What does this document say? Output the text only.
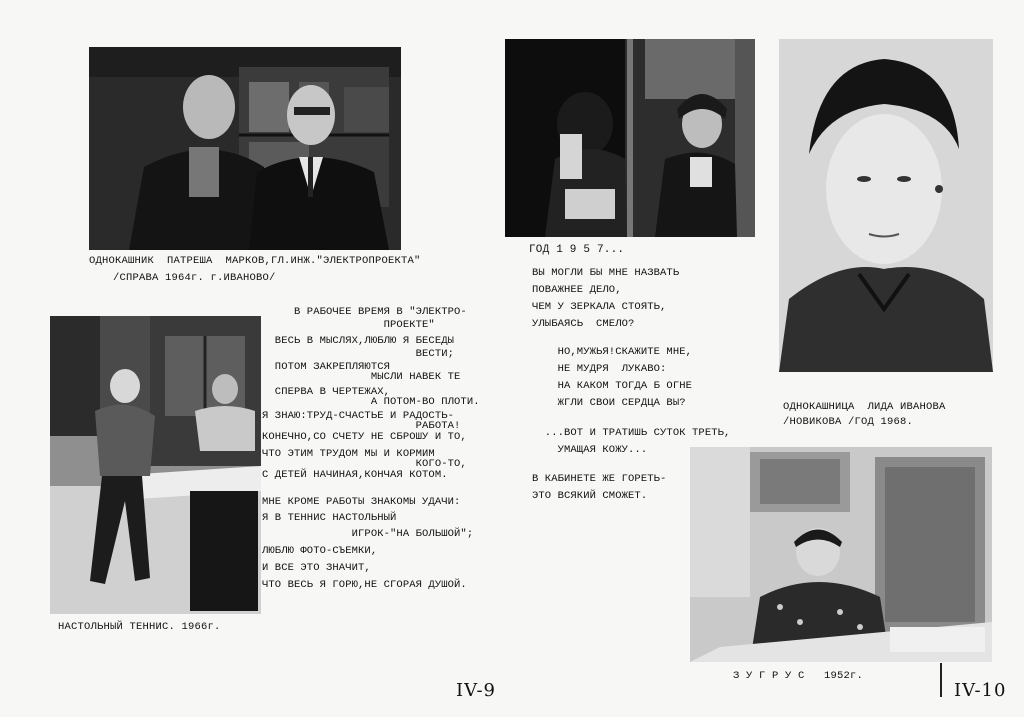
ОДНОКАШНИК  ПАТРЕША  МАРКОВ,ГЛ.ИНЖ."ЭЛЕКТРОПРОЕКТА"
/СПРАВА 1964г. г.ИВАНОВО/
НАСТОЛЬНЫЙ ТЕННИС. 1966г.
В РАБОЧЕЕ ВРЕМЯ В "ЭЛЕКТРО-
ПРОЕКТЕ"
ВЕСЬ В МЫСЛЯХ,ЛЮБЛЮ Я БЕСЕДЫ
ВЕСТИ;
ПОТОМ ЗАКРЕПЛЯЮТСЯ
МЫСЛИ НАВЕК ТЕ
СПЕРВА В ЧЕРТЕЖАХ,
А ПОТОМ-ВО ПЛОТИ.
Я ЗНАЮ:ТРУД-СЧАСТЬЕ И РАДОСТЬ-
РАБОТА!
КОНЕЧНО,СО СЧЕТУ НЕ СБРОШУ И ТО,
ЧТО ЭТИМ ТРУДОМ МЫ И КОРМИМ
КОГО-ТО,
С ДЕТЕЙ НАЧИНАЯ,КОНЧАЯ КОТОМ.
МНЕ КРОМЕ РАБОТЫ ЗНАКОМЫ УДАЧИ:
Я В ТЕННИС НАСТОЛЬНЫЙ
ИГРОК-"НА БОЛЬШОЙ";
ЛЮБЛЮ ФОТО-СЪЕМКИ,
И ВСЕ ЭТО ЗНАЧИТ,
ЧТО ВЕСЬ Я ГОРЮ,НЕ СГОРАЯ ДУШОЙ.
IV-9
ГОД 1 9 5 7...
ОДНОКАШНИЦА  ЛИДА ИВАНОВА
/НОВИКОВА /ГОД 1968.
ВЫ МОГЛИ БЫ МНЕ НАЗВАТЬ
ПОВАЖНЕЕ ДЕЛО,
ЧЕМ У ЗЕРКАЛА СТОЯТЬ,
УЛЫБАЯСЬ  СМЕЛО?
НО,МУЖЬЯ!СКАЖИТЕ МНЕ,
НЕ МУДРЯ  ЛУКАВО:
НА КАКОМ ТОГДА Б ОГНЕ
ЖГЛИ СВОИ СЕРДЦА ВЫ?
...ВОТ И ТРАТИШЬ СУТОК ТРЕТЬ,
УМАЩАЯ КОЖУ...
В КАБИНЕТЕ ЖЕ ГОРЕТЬ-
ЭТО ВСЯКИЙ СМОЖЕТ.
З У Г Р У С   1952г.
IV-10
